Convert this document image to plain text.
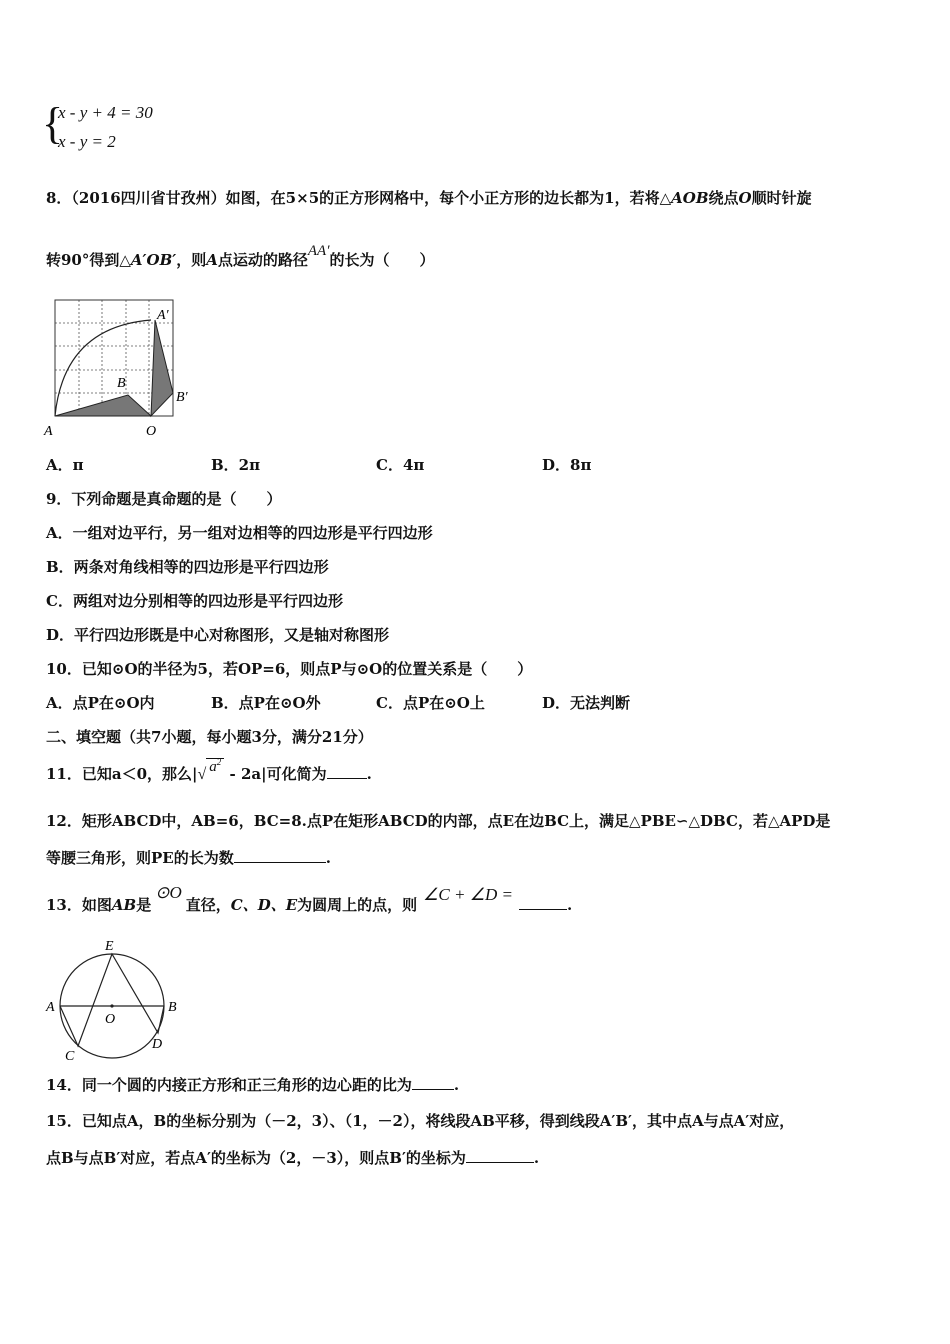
{
x - y + 4 = 30
x - y = 2
8．（2016四川省甘孜州）如图，在5×5的正方形网格中，每个小正方形的边长都为1，若将△AOB绕点O顺时针旋
转90°得到△A′OB′，则A点运动的路径AA′的长为（　　）
A	O
B
A′
B′
A．π	B．2π	C．4π	D．8π
9．下列命题是真命题的是（　　）
A．一组对边平行，另一组对边相等的四边形是平行四边形
B．两条对角线相等的四边形是平行四边形
C．两组对边分别相等的四边形是平行四边形
D．平行四边形既是中心对称图形，又是轴对称图形
10．已知⊙O的半径为5，若OP=6，则点P与⊙O的位置关系是（　　）
A．点P在⊙O内	B．点P在⊙O外	C．点P在⊙O上	D．无法判断
二、填空题（共7小题，每小题3分，满分21分）
11．已知a＜0，那么|√ $a^2 - 2a|$可化简为	.
12．矩形ABCD中，AB=6，BC=8.点P在矩形ABCD的内部，点E在边BC上，满足△PBE∽△DBC，若△APD是
等腰三角形，则PE的长为数	.
13．如图AB是⊙O直径，C、D、E为圆周上的点，则∠C + ∠D =.
E
A	B
O
C
D
14．同一个圆的内接正方形和正三角形的边心距的比为	.
15．已知点A，B的坐标分别为（－2，3）、（1，－2），将线段AB平移，得到线段A′B′，其中点A与点A′对应，
点B与点B′对应，若点A′的坐标为（2，－3），则点B′的坐标为	.
